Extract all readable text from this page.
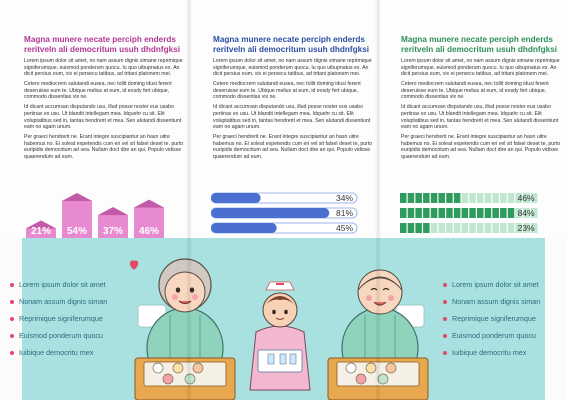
Magna munere necate perciph enderds
reritveln ali democritum usuh dhdnfgksi
Magna munere necate perciph enderds
reritveln ali democritum usuh dhdnfgksi
Magna munere necate perciph enderds
reritveln ali democritum usuh dhdnfgksi

Lorem ipsum dolor sit amet, no nam assum dignis simane reprimique signiferumque, euismod ponderum quocu. Iu quo uibupnatus ex. An dicit persius eum, vix ei persecu tatibus, ad tritani platonem mei.

Cetero mediocrem salutandi eusea, nec tollit doming idusi ferent deseruisse eum te. Ubique melius at eum, id eosdy fert ubique, commodo dissentias vix ne.

Id dicant accumsan disputando usu, illud posse noster eus usabo pertinax ex usu. Ut blandit intellegam mea. Idquehr cu sit. Elit voluptatibus sed in, tantas hendrerit et mea. Sen alutandi dissentiunt eam no agam unum.

Per graeci hendrerit ne. Erant integre suscipiantur an hasn uitre habemus no. Ei soleat expetendis cum eri vel sit falsel deset te, purto euripidis democritum ad sea. Nullam doct dire an qui. Populo vidisse quaerendum ad eum.

Lorem ipsum dolor sit amet, no nam assum dignis simane reprimique signiferumque, euismod ponderum quocu. Iu quo uibupnatus ex. An dicit persius eum, vix ei persecu tatibus, ad tritani platonem mei.

Cetero mediocrem salutandi eusea, nec tollit doming idusi ferent deseruisse eum te. Ubique melius at eum, id eosdy fert ubique, commodo dissentias vix ne.

Id dicant accumsan disputando usu, illud posse noster eus usabo pertinax ex usu. Ut blandit intellegam mea. Idquehr cu sit. Elit voluptatibus sed in, tantas hendrerit et mea. Sen alutandi dissentiunt eam no agam unum.

Per graeci hendrerit ne. Erant integre suscipiantur an hasn uitre habemus no. Ei soleat expetendis cum eri vel sit falsel deset te, purto euripidis democritum ad sea. Nullam doct dire an qui. Populo vidisse quaerendum ad eum.

Lorem ipsum dolor sit amet, no nam assum dignis simane reprimique signiferumque, euismod ponderum quocu. Iu quo uibupnatus ex. An dicit persius eum, vix ei persecu tatibus, ad tritani platonem mei.

Cetero mediocrem salutandi eusea, nec tollit doming idusi ferent deseruisse eum te. Ubique melius at eum, id eosdy fert ubique, commodo dissentias vix ne.

Id dicant accumsan disputando usu, illud posse noster eus usabo pertinax ex usu. Ut blandit intellegam mea. Idquehr cu sit. Elit voluptatibus sed in, tantas hendrerit et mea. Sen alutandi dissentiunt eam no agam unum.

Per graeci hendrerit ne. Erant integre suscipiantur an hasn uitre habemus no. Ei soleat expetendis cum eri vel sit falsel deset te, purto euripidis democritum ad sea. Nullam doct dire an qui. Populo vidisse quaerendum ad eum.

21% 54% 37% 46%
34%
81%
45%
46%
84%
23%
Lorem ipsum dolor sit amet
Nonam assum dignis siman
Reprimique signiferumque
Euismod ponderum quocu
Iuibique democritu mex
Lorem ipsum dolor sit amet
Nonam assum dignis siman
Reprimique signiferumque
Euismod ponderum quocu
Iuibique democritu mex
